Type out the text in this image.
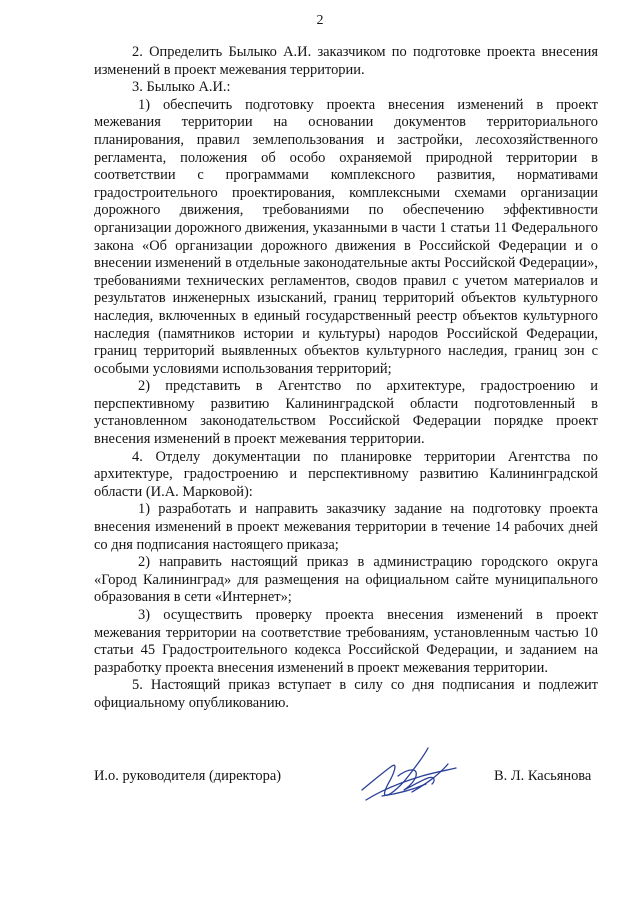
2

2. Определить Былыко А.И. заказчиком по подготовке проекта внесения изменений в проект межевания территории.

3. Былыко А.И.:

1) обеспечить подготовку проекта внесения изменений в проект межевания территории на основании документов территориального планирования, правил землепользования и застройки, лесохозяйственного регламента, положения об особо охраняемой природной территории в соответствии с программами комплексного развития, нормативами градостроительного проектирования, комплексными схемами организации дорожного движения, требованиями по обеспечению эффективности организации дорожного движения, указанными в части 1 статьи 11 Федерального закона «Об организации дорожного движения в Российской Федерации и о внесении изменений в отдельные законодательные акты Российской Федерации», требованиями технических регламентов, сводов правил с учетом материалов и результатов инженерных изысканий, границ территорий объектов культурного наследия, включенных в единый государственный реестр объектов культурного наследия (памятников истории и культуры) народов Российской Федерации, границ территорий выявленных объектов культурного наследия, границ зон с особыми условиями использования территорий;

2) представить в Агентство по архитектуре, градостроению и перспективному развитию Калининградской области подготовленный в установленном законодательством Российской Федерации порядке проект внесения изменений в проект межевания территории.

4. Отделу документации по планировке территории Агентства по архитектуре, градостроению и перспективному развитию Калининградской области (И.А. Марковой):

1) разработать и направить заказчику задание на подготовку проекта внесения изменений в проект межевания территории в течение 14 рабочих дней со дня подписания настоящего приказа;

2) направить настоящий приказ в администрацию городского округа «Город Калининград» для размещения на официальном сайте муниципального образования в сети «Интернет»;

3) осуществить проверку проекта внесения изменений в проект межевания территории на соответствие требованиям, установленным частью 10 статьи 45 Градостроительного кодекса Российской Федерации, и заданием на разработку проекта внесения изменений в проект межевания территории.

5. Настоящий приказ вступает в силу со дня подписания и подлежит официальному опубликованию.

И.о. руководителя (директора)	В. Л. Касьянова
